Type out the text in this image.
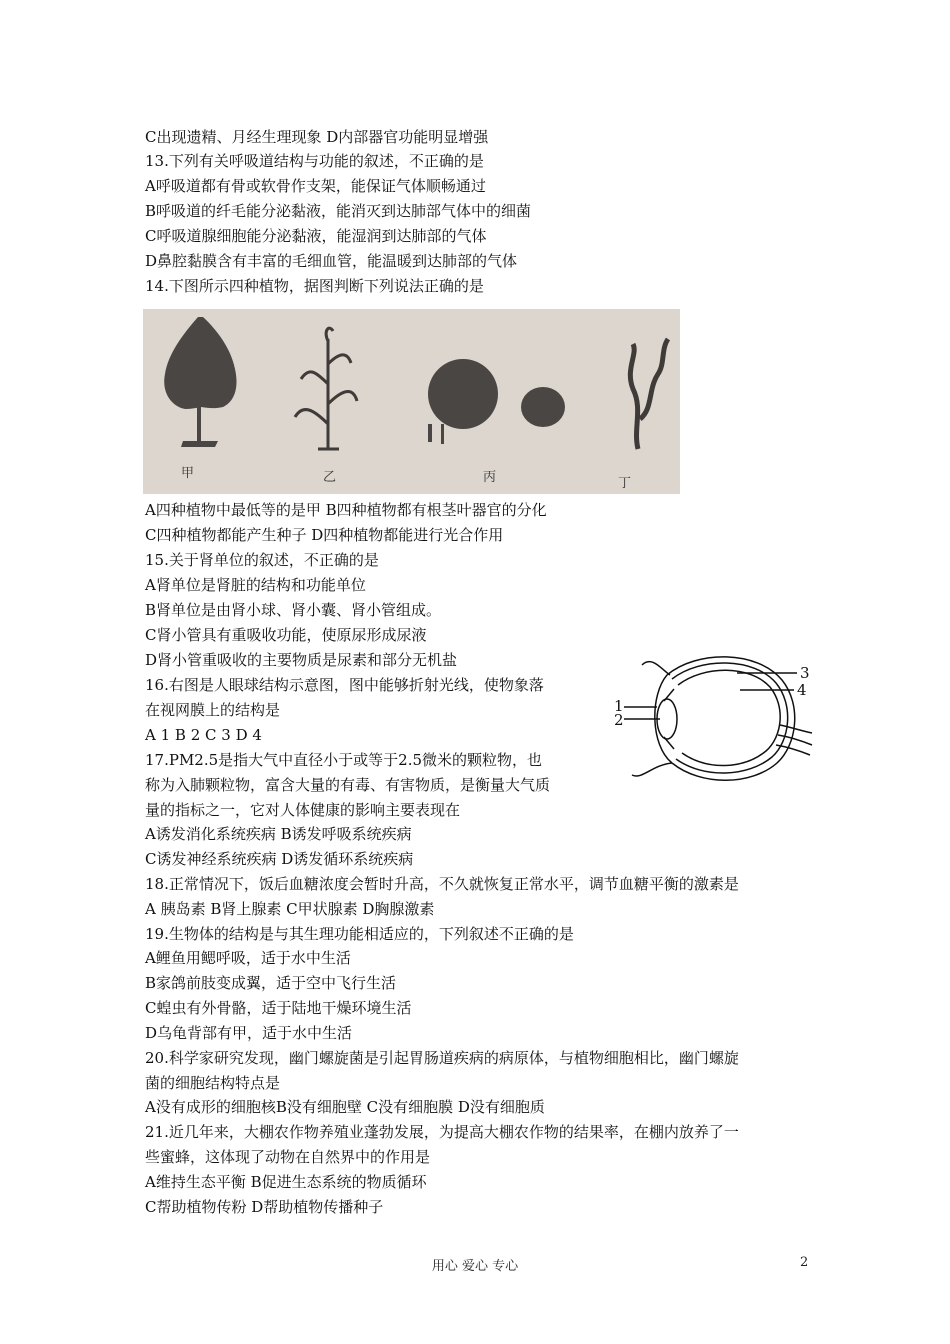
C出现遗精、月经生理现象 D内部器官功能明显增强
13.下列有关呼吸道结构与功能的叙述，不正确的是
A呼吸道都有骨或软骨作支架，能保证气体顺畅通过
B呼吸道的纤毛能分泌黏液，能消灭到达肺部气体中的细菌
C呼吸道腺细胞能分泌黏液，能湿润到达肺部的气体
D鼻腔黏膜含有丰富的毛细血管，能温暖到达肺部的气体
14.下图所示四种植物，据图判断下列说法正确的是
甲	乙	丙	丁
A四种植物中最低等的是甲 B四种植物都有根茎叶器官的分化
C四种植物都能产生种子 D四种植物都能进行光合作用
15.关于肾单位的叙述，不正确的是
A肾单位是肾脏的结构和功能单位
B肾单位是由肾小球、肾小囊、肾小管组成。
C肾小管具有重吸收功能，使原尿形成尿液
D肾小管重吸收的主要物质是尿素和部分无机盐
16.右图是人眼球结构示意图，图中能够折射光线，使物象落
在视网膜上的结构是
A 1 B 2 C 3 D 4
17.PM2.5是指大气中直径小于或等于2.5微米的颗粒物，也
称为入肺颗粒物，富含大量的有毒、有害物质，是衡量大气质
量的指标之一，它对人体健康的影响主要表现在
A诱发消化系统疾病 B诱发呼吸系统疾病
C诱发神经系统疾病 D诱发循环系统疾病
18.正常情况下，饭后血糖浓度会暂时升高，不久就恢复正常水平，调节血糖平衡的激素是
A 胰岛素 B肾上腺素 C甲状腺素 D胸腺激素
19.生物体的结构是与其生理功能相适应的，下列叙述不正确的是
A鲤鱼用鳃呼吸，适于水中生活
B家鸽前肢变成翼，适于空中飞行生活
C蝗虫有外骨骼，适于陆地干燥环境生活
D乌龟背部有甲，适于水中生活
20.科学家研究发现，幽门螺旋菌是引起胃肠道疾病的病原体，与植物细胞相比，幽门螺旋
菌的细胞结构特点是
A没有成形的细胞核B没有细胞壁 C没有细胞膜 D没有细胞质
21.近几年来，大棚农作物养殖业蓬勃发展，为提高大棚农作物的结果率，在棚内放养了一
些蜜蜂，这体现了动物在自然界中的作用是
A维持生态平衡 B促进生态系统的物质循环
C帮助植物传粉 D帮助植物传播种子
3
4
1
2
用心 爱心 专心	2
